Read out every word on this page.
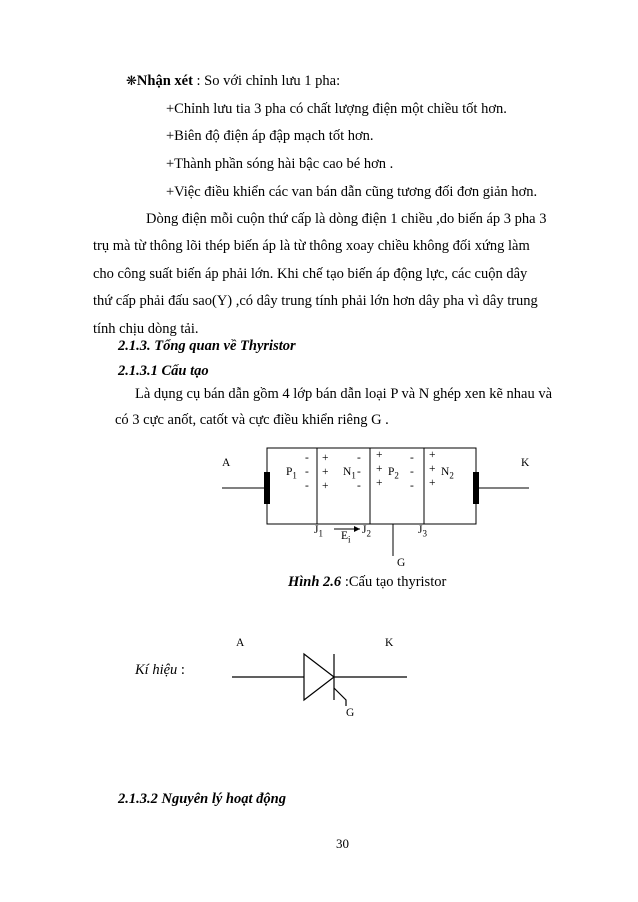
❋Nhận xét : So với chỉnh lưu 1 pha:
+Chỉnh lưu tia 3 pha có chất lượng điện một chiều tốt hơn.
+Biên độ điện áp đập mạch tốt hơn.
+Thành phần sóng hài bậc cao bé hơn .
+Việc điều khiển các van bán dẫn cũng tương đối đơn giản hơn.
Dòng điện mỗi cuộn thứ cấp là dòng điện 1 chiều ,do biến áp 3 pha 3
trụ mà từ thông lõi thép biến áp là từ thông xoay chiều không đối xứng làm
cho công suất biến áp phải lớn. Khi chế tạo biến áp động lực, các cuộn dây
thứ cấp phải đấu sao(Y) ,có dây trung tính phải lớn hơn dây pha vì dây trung
tính chịu dòng tải.
2.1.3. Tổng quan về Thyristor
2.1.3.1 Cấu tạo
Là dụng cụ bán dẫn gồm 4 lớp bán dẫn loại P và N ghép xen kẽ nhau và
có 3 cực anốt, catốt và cực điều khiển riêng G .
A	K
$P_1$	$N_1$	$P_2$	$N_2$
-
-
-
+
+
+
-
-
-
+
+
+
-
-
-
+
+
+
$J_1$ $E_i$
$J_2$	$J_3$
G
Hình 2.6 :Cấu tạo thyristor
A	K
Kí hiệu :
G
2.1.3.2 Nguyên lý hoạt động
30
